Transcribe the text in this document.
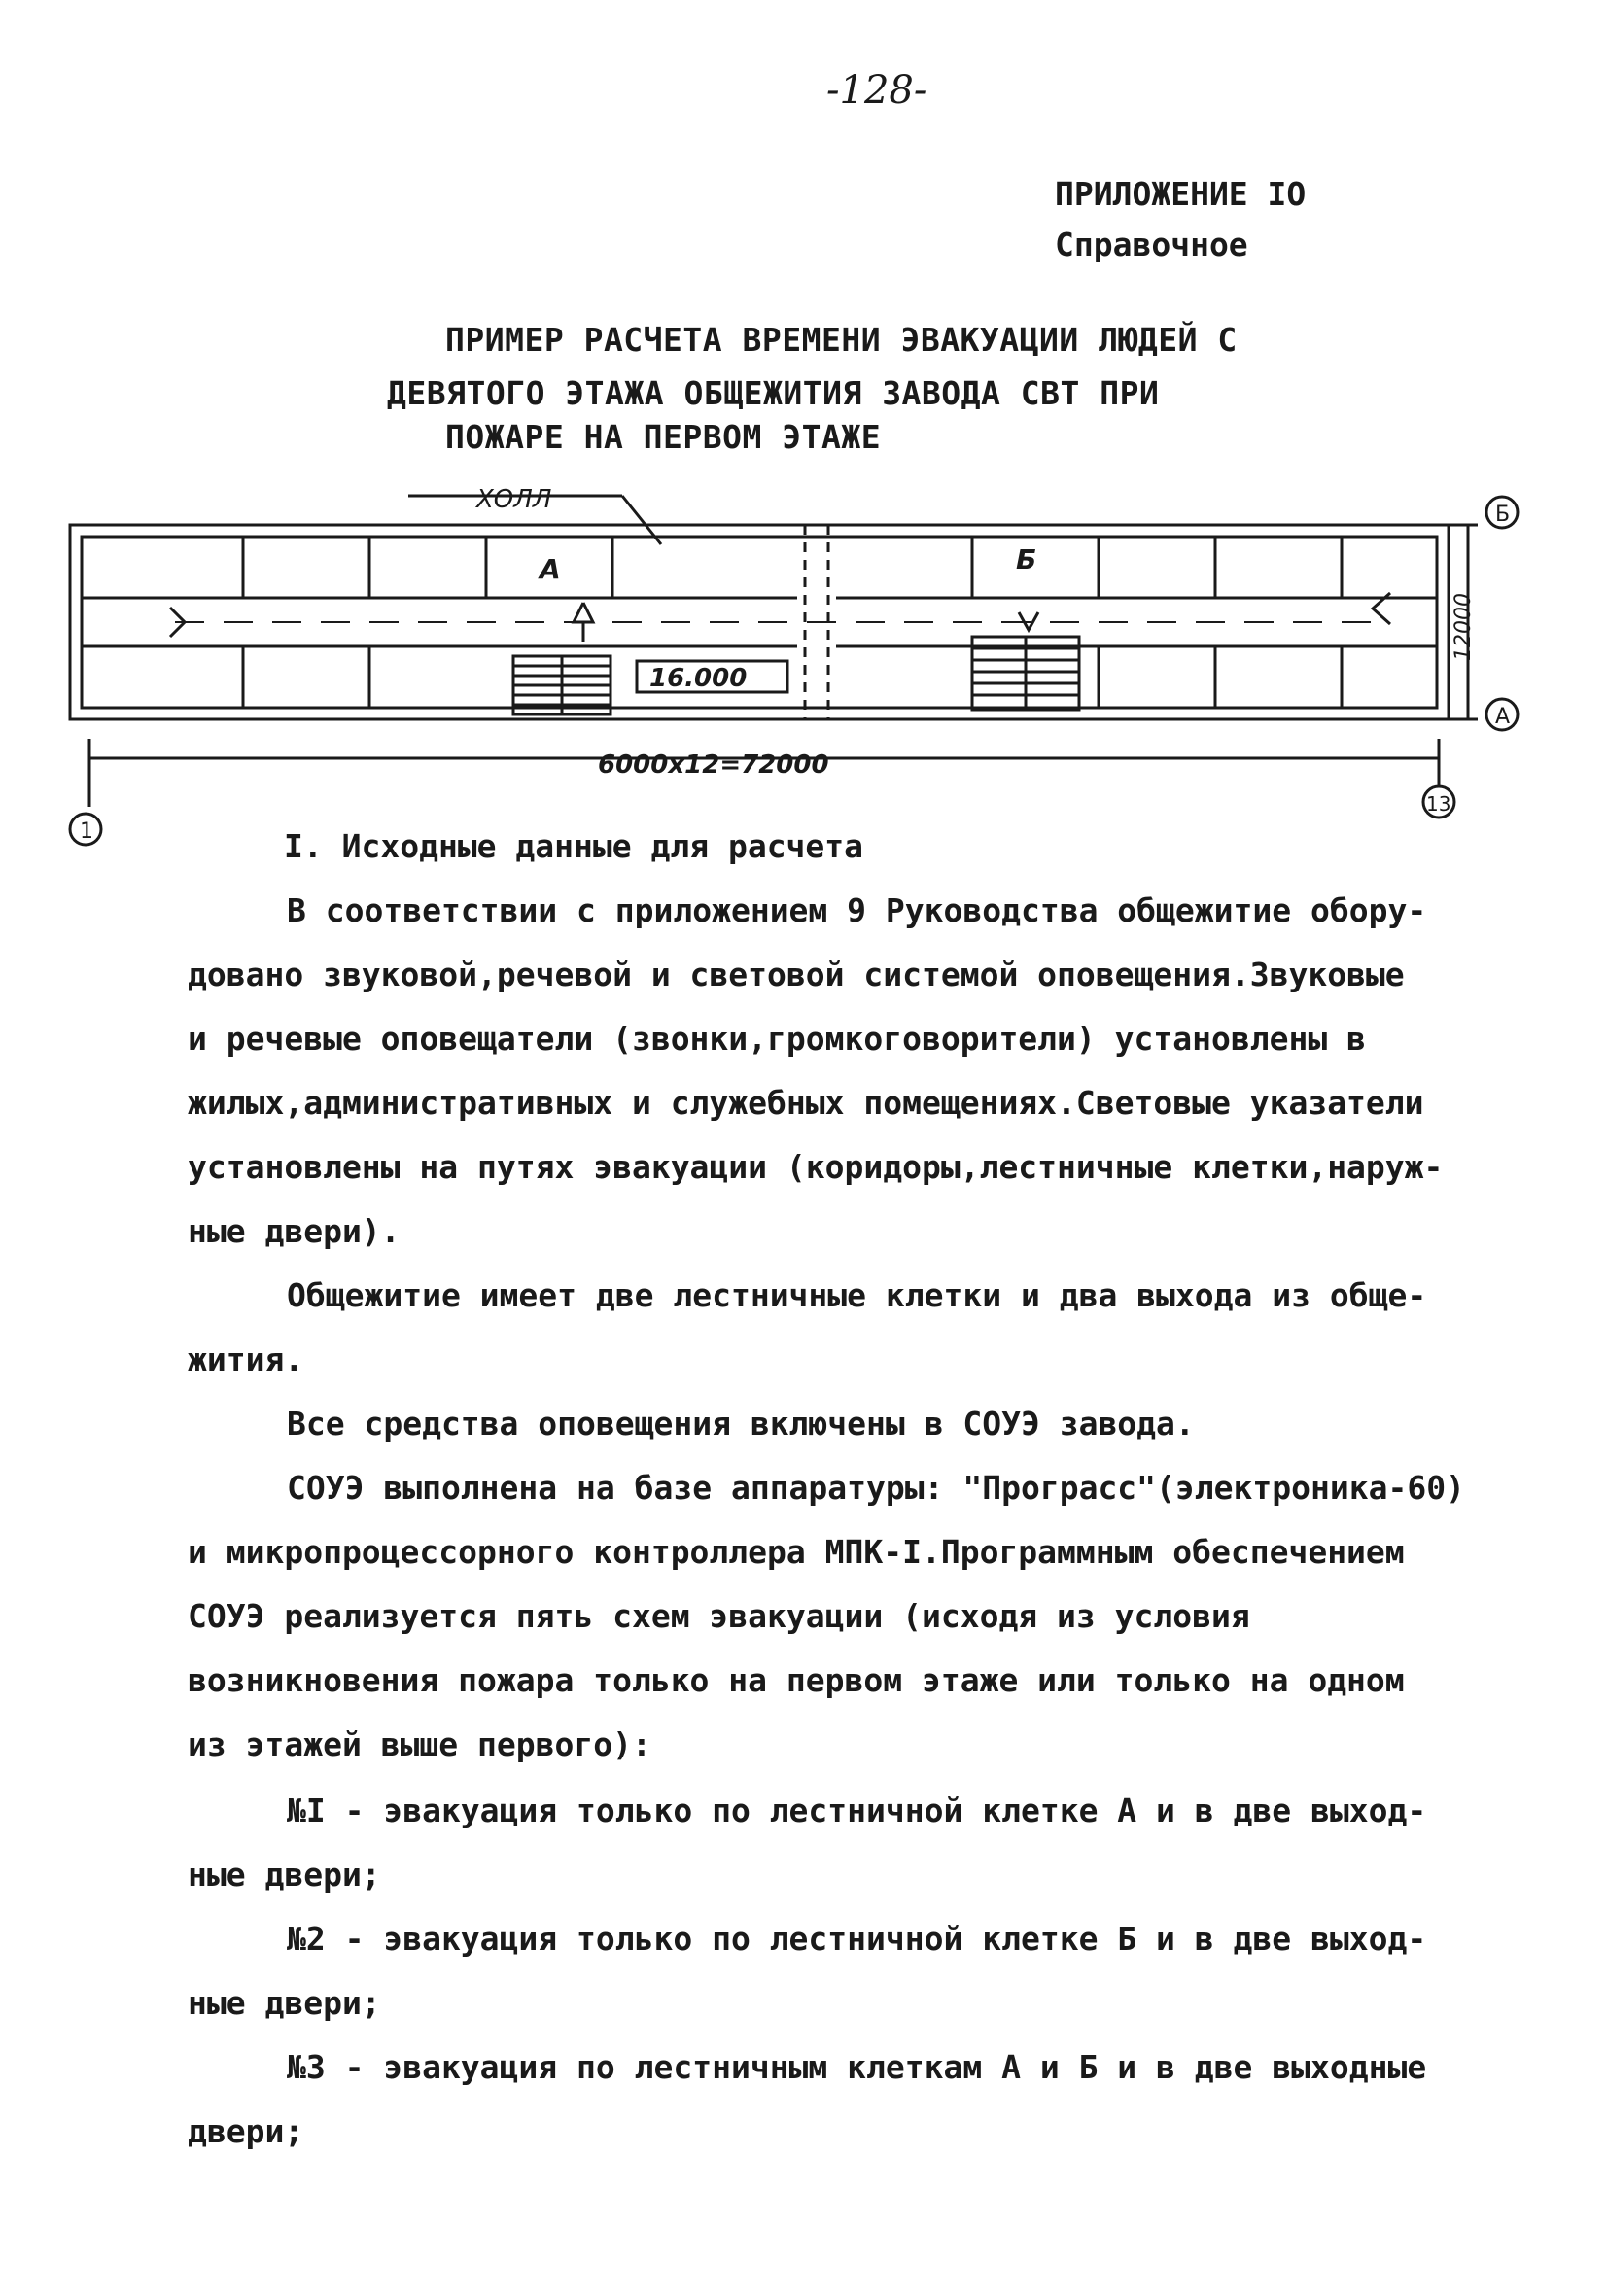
-128-
ПРИЛОЖЕНИЕ IO
Справочное
ПРИМЕР РАСЧЕТА ВРЕМЕНИ ЭВАКУАЦИИ ЛЮДЕЙ С
ДЕВЯТОГО ЭТАЖА ОБЩЕЖИТИЯ ЗАВОДА СВТ ПРИ
ПОЖАРЕ НА ПЕРВОМ ЭТАЖЕ
ХОЛЛ
А	Б
16.000
6000х12=72000
12000
Б
А
1
13
I. Исходные данные для расчета
В соответствии с приложением 9 Руководства общежитие обору-
довано звуковой,речевой и световой системой оповещения.Звуковые
и речевые оповещатели (звонки,громкоговорители) установлены в
жилых,административных и служебных помещениях.Световые указатели
установлены на путях эвакуации (коридоры,лестничные клетки,наруж-
ные двери).
Общежитие имеет две лестничные клетки и два выхода из обще-
жития.
Все средства оповещения включены в СОУЭ завода.
СОУЭ выполнена на базе аппаратуры: "Програсс"(электроника-60)
и микропроцессорного контроллера МПК-I.Программным обеспечением
СОУЭ реализуется пять схем эвакуации (исходя из условия
возникновения пожара только на первом этаже или только на одном
из этажей выше первого):
№I - эвакуация только по лестничной клетке А и в две выход-
ные двери;
№2 - эвакуация только по лестничной клетке Б и в две выход-
ные двери;
№3 - эвакуация по лестничным клеткам А и Б и в две выходные
двери;
